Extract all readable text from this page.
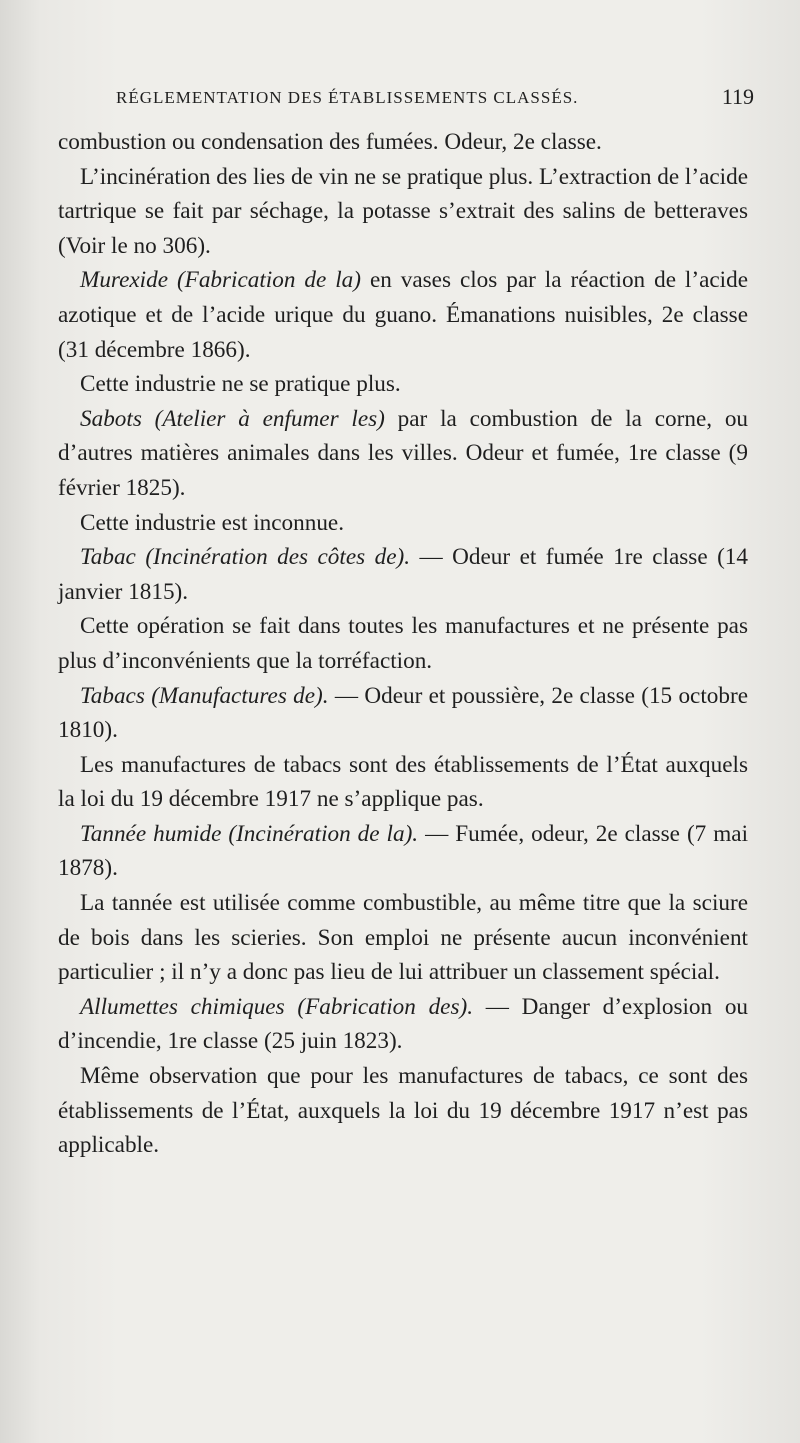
RÉGLEMENTATION DES ÉTABLISSEMENTS CLASSÉS.	119

combustion ou condensation des fumées. Odeur, 2e classe.

L’incinération des lies de vin ne se pratique plus. L’extraction de l’acide tartrique se fait par séchage, la potasse s’extrait des salins de betteraves (Voir le no 306).

Murexide (Fabrication de la) en vases clos par la réaction de l’acide azotique et de l’acide urique du guano. Émanations nuisibles, 2e classe (31 décembre 1866).

Cette industrie ne se pratique plus.

Sabots (Atelier à enfumer les) par la combustion de la corne, ou d’autres matières animales dans les villes. Odeur et fumée, 1re classe (9 février 1825).

Cette industrie est inconnue.

Tabac (Incinération des côtes de). — Odeur et fumée 1re classe (14 janvier 1815).

Cette opération se fait dans toutes les manufactures et ne présente pas plus d’inconvénients que la torréfaction.

Tabacs (Manufactures de). — Odeur et poussière, 2e classe (15 octobre 1810).

Les manufactures de tabacs sont des établissements de l’État auxquels la loi du 19 décembre 1917 ne s’applique pas.

Tannée humide (Incinération de la). — Fumée, odeur, 2e classe (7 mai 1878).

La tannée est utilisée comme combustible, au même titre que la sciure de bois dans les scieries. Son emploi ne présente aucun inconvénient particulier ; il n’y a donc pas lieu de lui attribuer un classement spécial.

Allumettes chimiques (Fabrication des). — Danger d’explosion ou d’incendie, 1re classe (25 juin 1823).

Même observation que pour les manufactures de tabacs, ce sont des établissements de l’État, auxquels la loi du 19 décembre 1917 n’est pas applicable.
